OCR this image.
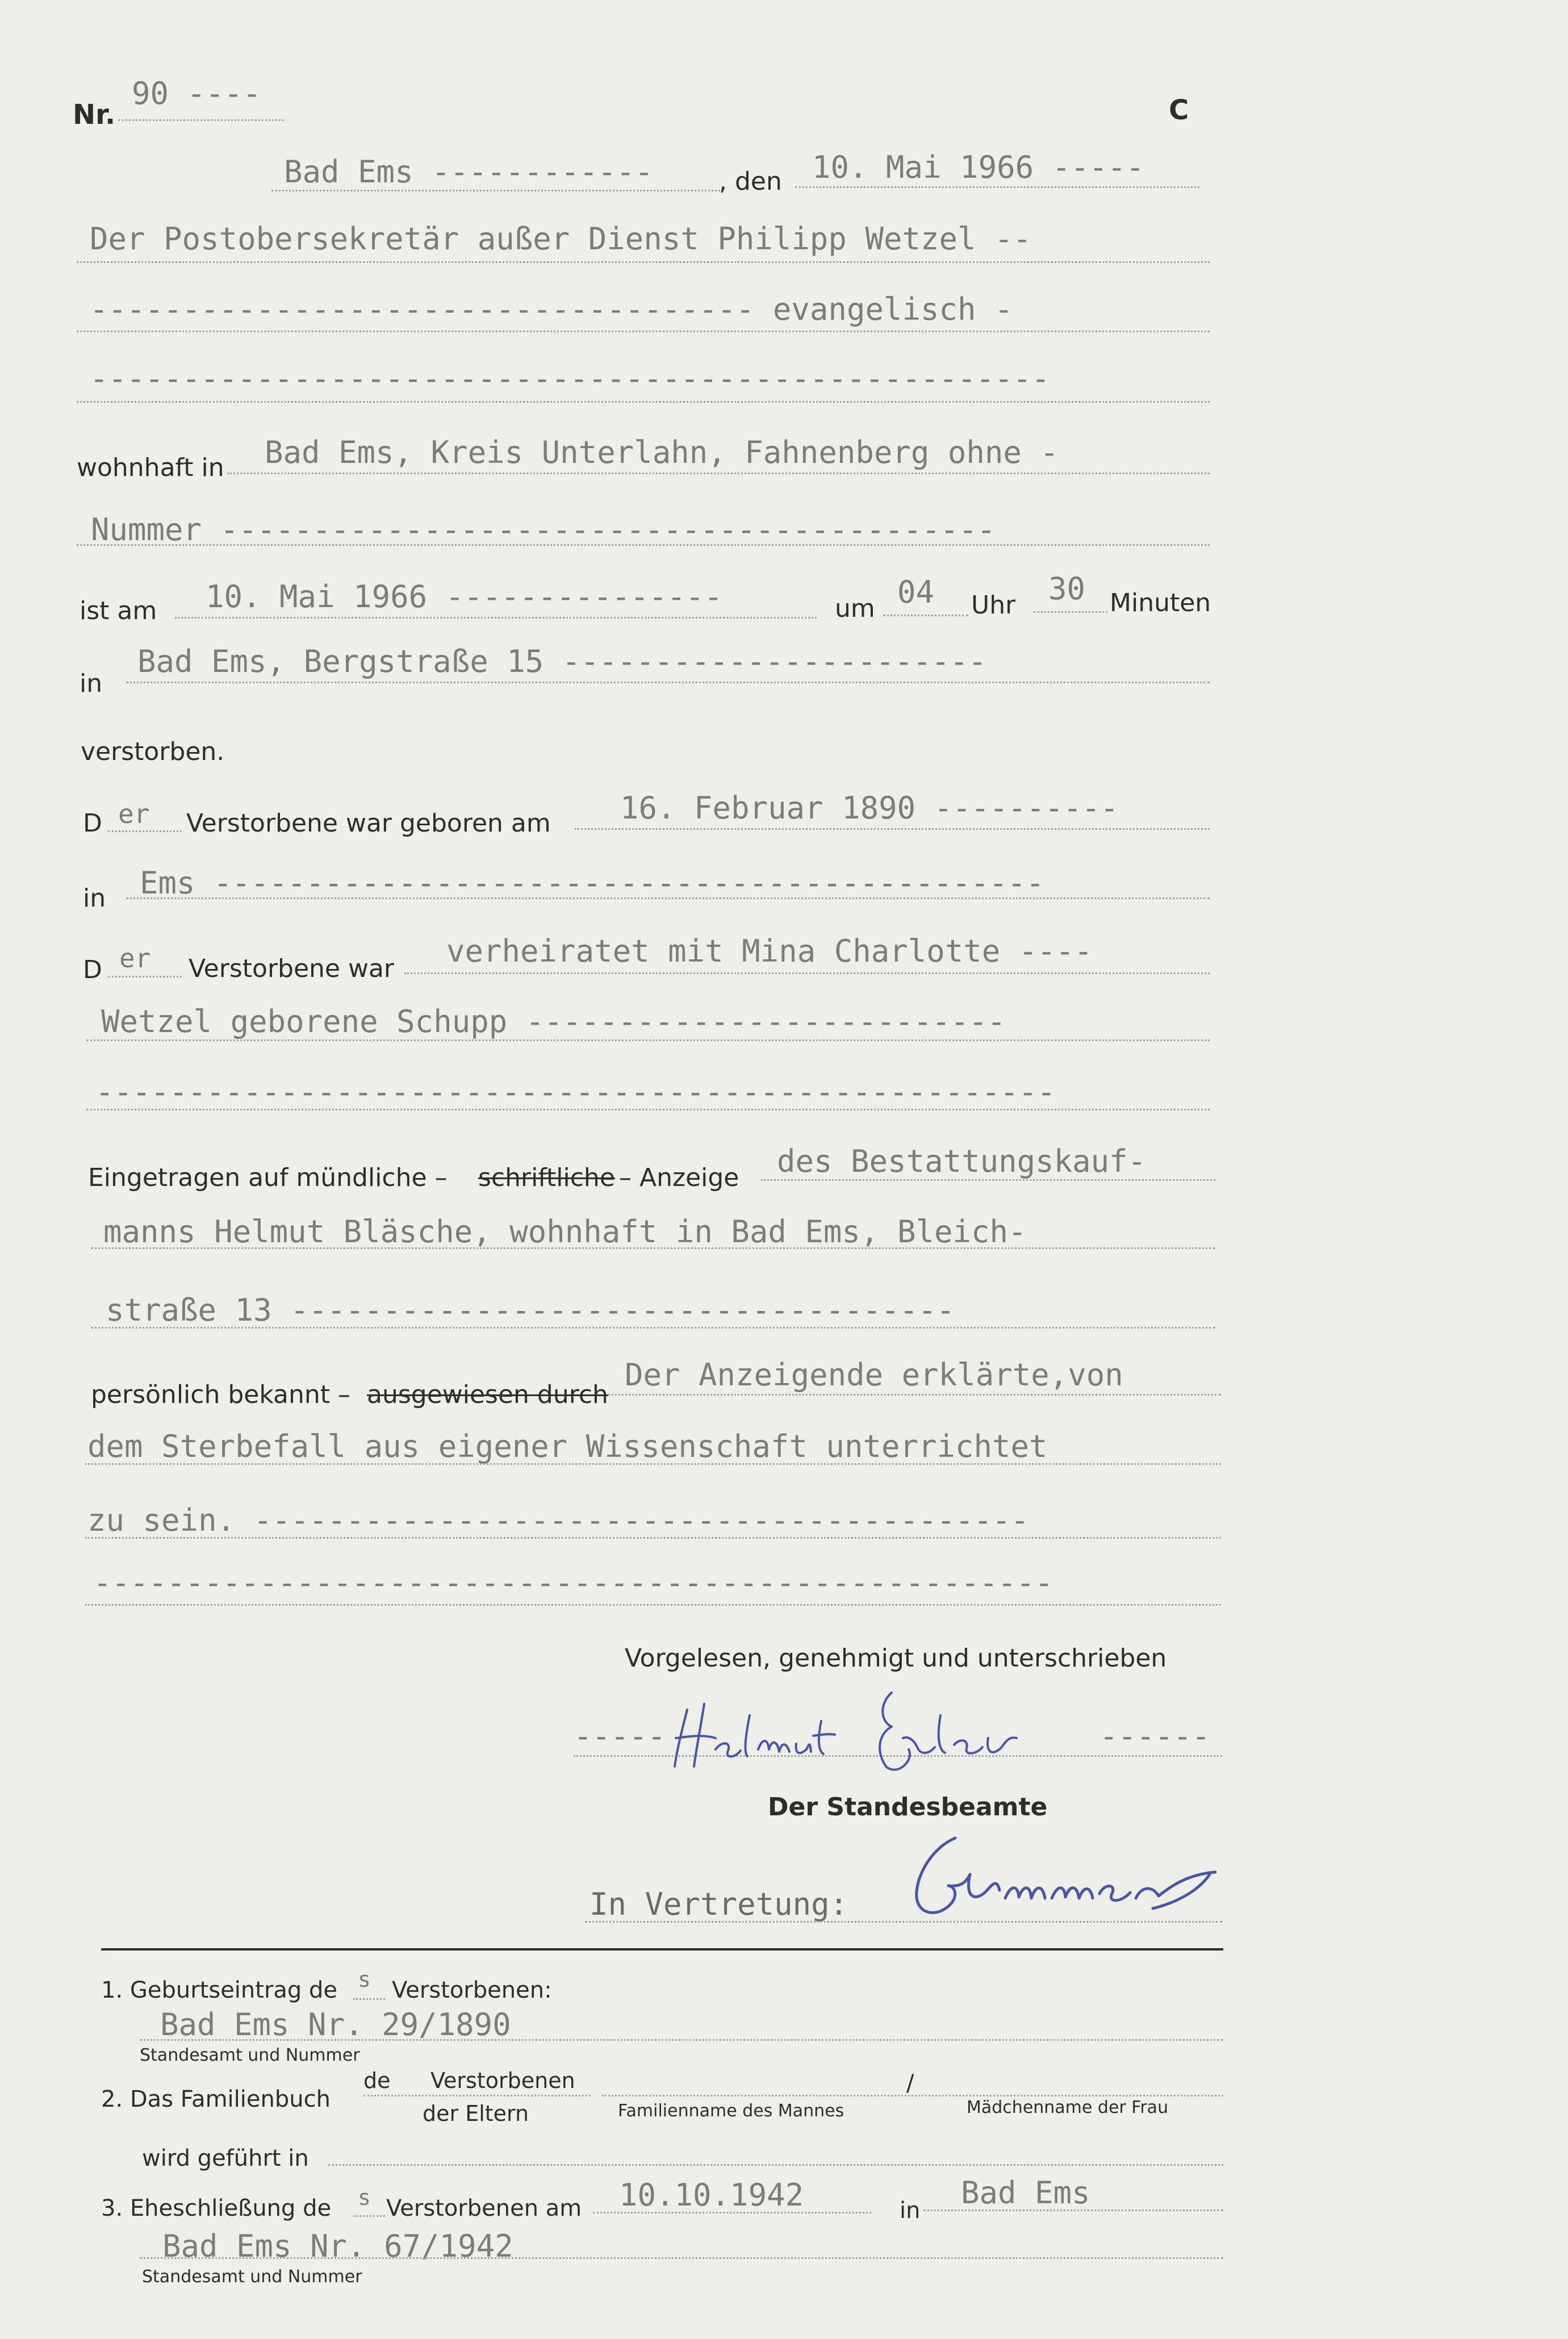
Nr.
90 ----	C
Bad Ems ------------	, den 10. Mai 1966 -----
Der Postobersekretär außer Dienst Philipp Wetzel --
------------------------------------ evangelisch -
----------------------------------------------------
wohnhaft in Bad Ems, Kreis Unterlahn, Fahnenberg ohne -
Nummer ------------------------------------------
ist am 10. Mai 1966 ---------------	um 04 Uhr 30 Minuten
in
Bad Ems, Bergstraße 15 -----------------------
verstorben.
D er Verstorbene war geboren am 16. Februar 1890 ----------
in Ems ---------------------------------------------
D er Verstorbene war verheiratet mit Mina Charlotte ----
Wetzel geborene Schupp --------------------------
----------------------------------------------------
Eingetragen auf mündliche – schriftliche – Anzeige des Bestattungskauf-
manns Helmut Bläsche, wohnhaft in Bad Ems, Bleich-
straße 13 ------------------------------------
persönlich bekannt – ausgewiesen durch
Der Anzeigende erklärte,von
dem Sterbefall aus eigener Wissenschaft unterrichtet
zu sein. ------------------------------------------
----------------------------------------------------
Vorgelesen, genehmigt und unterschrieben
-----	------
Der Standesbeamte
In Vertretung:
1. Geburtseintrag de s Verstorbenen:
Bad Ems Nr. 29/1890
Standesamt und Nummer
2. Das Familienbuch
de Verstorbenen
der Eltern
/
Familienname des Mannes	Mädchenname der Frau
wird geführt in
3. Eheschließung de s Verstorbenen am 10.10.1942	in Bad Ems
Bad Ems Nr. 67/1942
Standesamt und Nummer
